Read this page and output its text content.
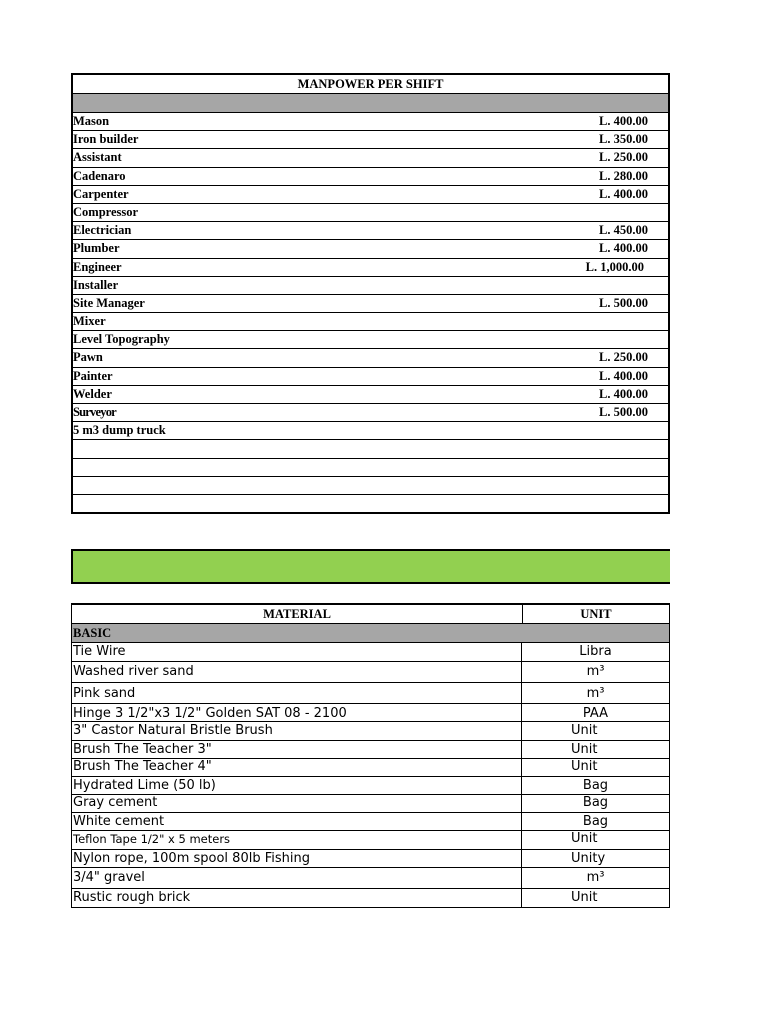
MANPOWER PER SHIFT
Mason	L. 400.00
Iron builder	L. 350.00
Assistant	L. 250.00
Cadenaro	L. 280.00
Carpenter	L. 400.00
Compressor
Electrician	L. 450.00
Plumber	L. 400.00
Engineer	L. 1,000.00
Installer
Site Manager	L. 500.00
Mixer
Level Topography
Pawn	L. 250.00
Painter	L. 400.00
Welder	L. 400.00
Surveyor	L. 500.00
5 m3 dump truck
MATERIAL	UNIT
BASIC
Tie Wire	Libra
Washed river sand	m³
Pink sand	m³
Hinge 3 1/2"x3 1/2" Golden SAT 08 - 2100	PAA
3" Castor Natural Bristle Brush	Unit
Brush The Teacher 3"	Unit
Brush The Teacher 4"	Unit
Hydrated Lime (50 lb)	Bag
Gray cement	Bag
White cement	Bag
Teflon Tape 1/2" x 5 meters	Unit
Nylon rope, 100m spool 80lb Fishing	Unity
3/4" gravel	m³
Rustic rough brick	Unit
